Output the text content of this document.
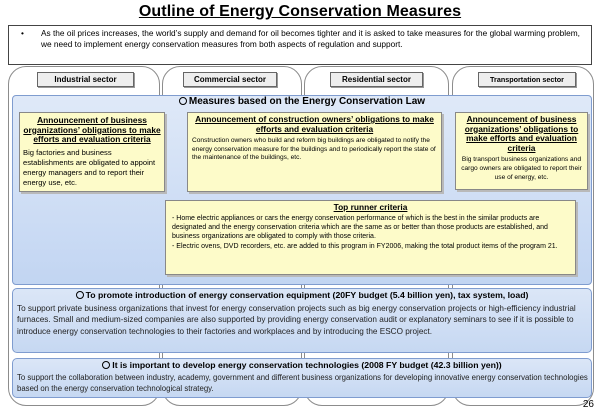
Outline of Energy Conservation Measures
• As the oil prices increases, the world’s supply and demand for oil becomes tighter and it is asked to take measures for the global warming problem, we need to implement energy conservation measures from both aspects of regulation and support.
Industrial sector	Commercial sector	Residential sector	Transportation sector
Measures based on the Energy Conservation Law
Announcement of business organizations’ obligations to make efforts and evaluation criteria
Big factories and business establishments are obligated to appoint energy managers and to report their energy use, etc.
Announcement of construction owners’ obligations to make efforts and evaluation criteria
Construction owners who build and reform big buildings are obligated to notify the energy conservation measure for the buildings and to periodically report the state of the maintenance of the buildings, etc.
Announcement of business organizations’ obligations to make efforts and evaluation criteria
Big transport business organizations and cargo owners are obligated to report their use of energy, etc.
Top runner criteria
- Home electric appliances or cars the energy conservation performance of which is the best in the similar products are designated and the energy conservation criteria which are the same as or better than those products are established, and business organizations are obligated to comply with those criteria.
- Electric ovens, DVD recorders, etc. are added to this program in FY2006, making the total product items of the program 21.
To promote introduction of energy conservation equipment (20FY budget (5.4 billion yen), tax system, load)
To support private business organizations that invest for energy conservation projects such as big energy conservation projects or high-efficiency industrial furnaces. Small and medium-sized companies are also supported by providing energy conservation audit or explanatory seminars to see if it is possible to introduce energy conservation technologies to their factories and workplaces and by introducing the ESCO project.
It is important to develop energy conservation technologies (2008 FY budget (42.3 billion yen))
To support the collaboration between industry, academy, government and different business organizations for developing innovative energy conservation technologies based on the energy conservation technological strategy.
26
